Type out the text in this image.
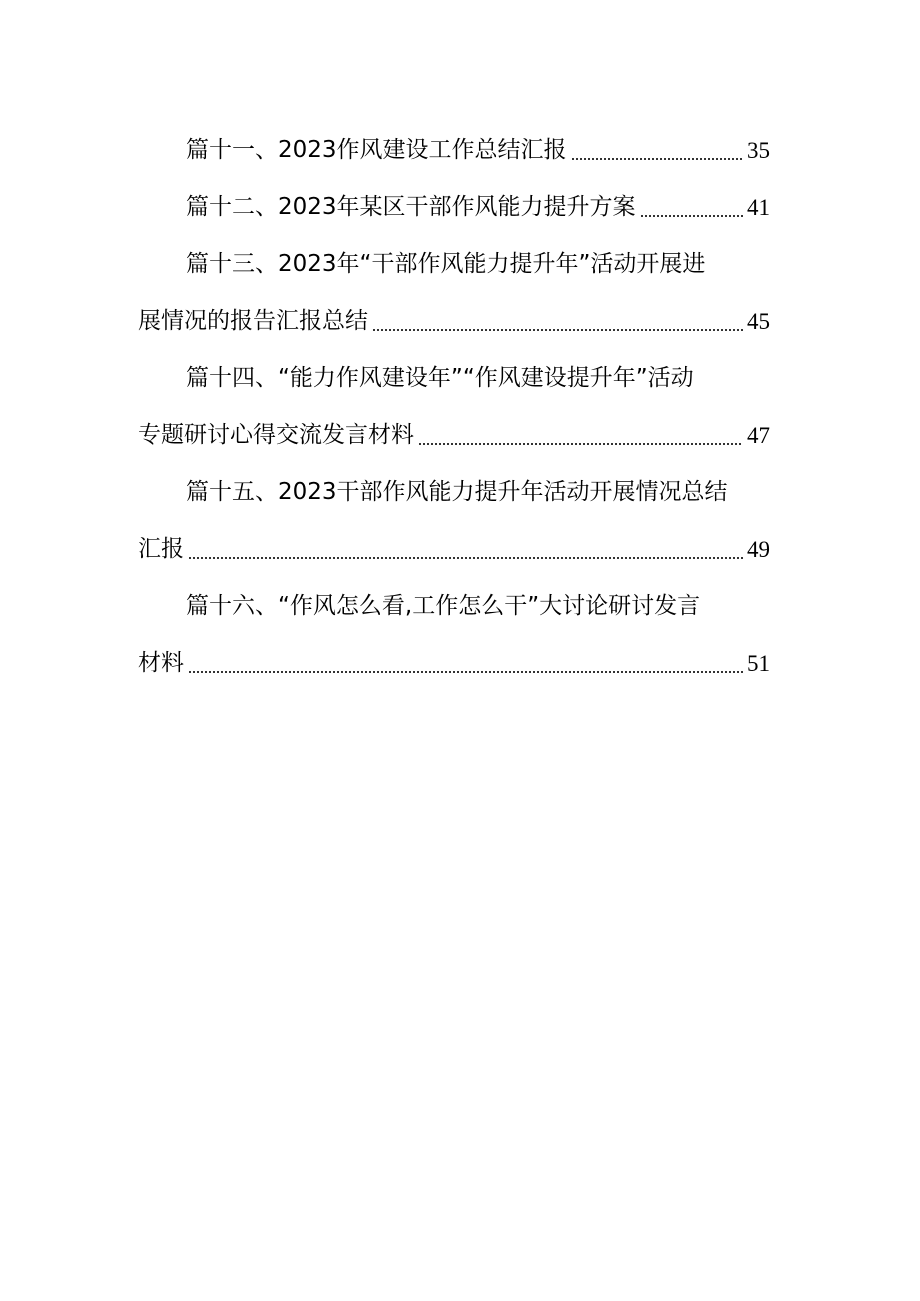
篇十一、2023作风建设工作总结汇报	35
篇十二、2023年某区干部作风能力提升方案	41
篇十三、2023年“干部作风能力提升年”活动开展进
展情况的报告汇报总结	45
篇十四、“能力作风建设年”“作风建设提升年”活动
专题研讨心得交流发言材料	47
篇十五、2023干部作风能力提升年活动开展情况总结
汇报	49
篇十六、“作风怎么看,工作怎么干”大讨论研讨发言
材料	51
